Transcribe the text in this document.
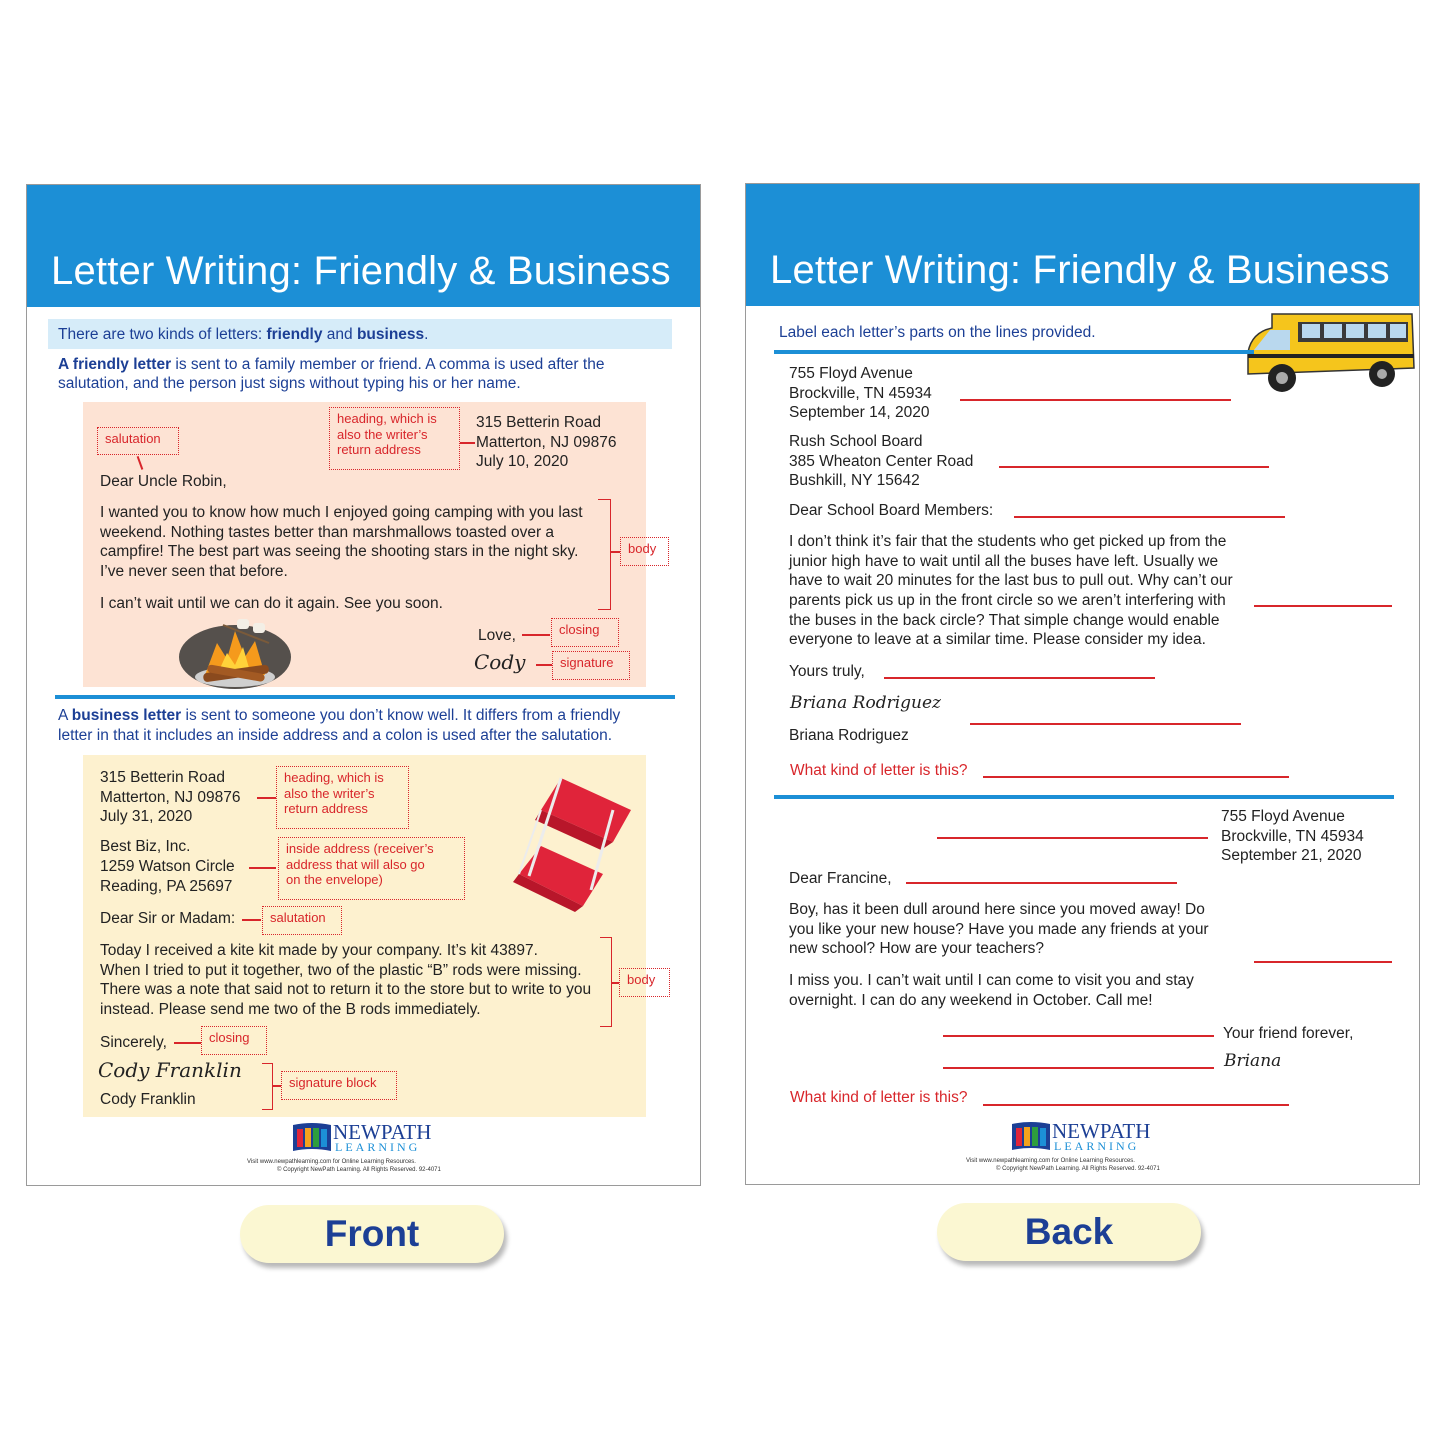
Letter Writing: Friendly & Business
There are two kinds of letters: friendly and business.
A friendly letter is sent to a family member or friend. A comma is used after the
salutation, and the person just signs without typing his or her name.
salutation
heading, which is
also the writer’s
return address
315 Betterin Road
Matterton, NJ 09876
July 10, 2020
Dear Uncle Robin,
I wanted you to know how much I enjoyed going camping with you last
weekend. Nothing tastes better than marshmallows toasted over a
campfire! The best part was seeing the shooting stars in the night sky.
I’ve never seen that before.
I can’t wait until we can do it again. See you soon.
body
Love,	closing
Cody	signature
A business letter is sent to someone you don’t know well. It differs from a friendly
letter in that it includes an inside address and a colon is used after the salutation.
315 Betterin Road
Matterton, NJ 09876
July 31, 2020
heading, which is
also the writer’s
return address
Best Biz, Inc.
1259 Watson Circle
Reading, PA 25697
inside address (receiver’s
address that will also go
on the envelope)
Dear Sir or Madam:	salutation
Today I received a kite kit made by your company. It’s kit 43897.
When I tried to put it together, two of the plastic “B” rods were missing.
There was a note that said not to return it to the store but to write to you
instead. Please send me two of the B rods immediately.
body
Sincerely,	closing
Cody Franklin
Cody Franklin
signature block
NEWPATH
LEARNING
Visit www.newpathlearning.com for Online Learning Resources.
© Copyright NewPath Learning. All Rights Reserved. 92-4071
Letter Writing: Friendly & Business
Label each letter’s parts on the lines provided.
755 Floyd Avenue
Brockville, TN 45934
September 14, 2020
Rush School Board
385 Wheaton Center Road
Bushkill, NY 15642
Dear School Board Members:
I don’t think it’s fair that the students who get picked up from the
junior high have to wait until all the buses have left. Usually we
have to wait 20 minutes for the last bus to pull out. Why can’t our
parents pick us up in the front circle so we aren’t interfering with
the buses in the back circle? That simple change would enable
everyone to leave at a similar time. Please consider my idea.
Yours truly,
Briana Rodriguez
Briana Rodriguez
What kind of letter is this?
755 Floyd Avenue
Brockville, TN 45934
September 21, 2020
Dear Francine,
Boy, has it been dull around here since you moved away! Do
you like your new house? Have you made any friends at your
new school? How are your teachers?
I miss you. I can’t wait until I can come to visit you and stay
overnight. I can do any weekend in October. Call me!
Your friend forever,
Briana
What kind of letter is this?
NEWPATH
LEARNING
Visit www.newpathlearning.com for Online Learning Resources.
© Copyright NewPath Learning. All Rights Reserved. 92-4071
Front	Back
